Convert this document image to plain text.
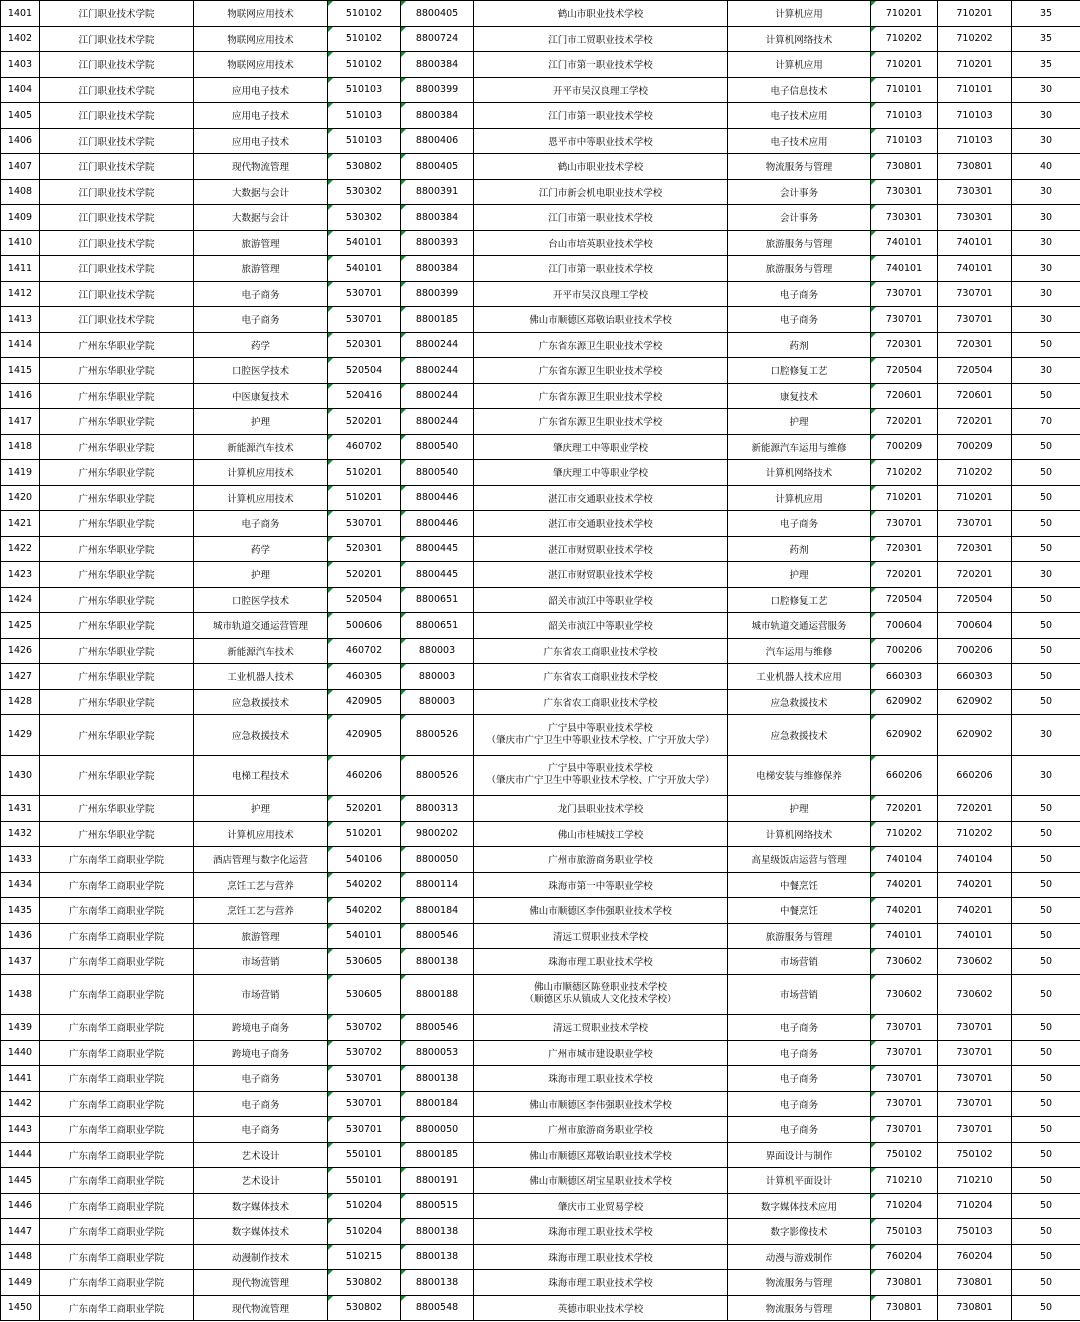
1401	江门职业技术学院	物联网应用技术	510102	8800405	鹤山市职业技术学校	计算机应用	710201	710201	35
1402	江门职业技术学院	物联网应用技术	510102	8800724	江门市工贸职业技术学校	计算机网络技术	710202	710202	35
1403	江门职业技术学院	物联网应用技术	510102	8800384	江门市第一职业技术学校	计算机应用	710201	710201	35
1404	江门职业技术学院	应用电子技术	510103	8800399	开平市吴汉良理工学校	电子信息技术	710101	710101	30
1405	江门职业技术学院	应用电子技术	510103	8800384	江门市第一职业技术学校	电子技术应用	710103	710103	30
1406	江门职业技术学院	应用电子技术	510103	8800406	恩平市中等职业技术学校	电子技术应用	710103	710103	30
1407	江门职业技术学院	现代物流管理	530802	8800405	鹤山市职业技术学校	物流服务与管理	730801	730801	40
1408	江门职业技术学院	大数据与会计	530302	8800391	江门市新会机电职业技术学校	会计事务	730301	730301	30
1409	江门职业技术学院	大数据与会计	530302	8800384	江门市第一职业技术学校	会计事务	730301	730301	30
1410	江门职业技术学院	旅游管理	540101	8800393	台山市培英职业技术学校	旅游服务与管理	740101	740101	30
1411	江门职业技术学院	旅游管理	540101	8800384	江门市第一职业技术学校	旅游服务与管理	740101	740101	30
1412	江门职业技术学院	电子商务	530701	8800399	开平市吴汉良理工学校	电子商务	730701	730701	30
1413	江门职业技术学院	电子商务	530701	8800185	佛山市顺德区郑敬诒职业技术学校	电子商务	730701	730701	30
1414	广州东华职业学院	药学	520301	8800244	广东省东源卫生职业技术学校	药剂	720301	720301	50
1415	广州东华职业学院	口腔医学技术	520504	8800244	广东省东源卫生职业技术学校	口腔修复工艺	720504	720504	30
1416	广州东华职业学院	中医康复技术	520416	8800244	广东省东源卫生职业技术学校	康复技术	720601	720601	50
1417	广州东华职业学院	护理	520201	8800244	广东省东源卫生职业技术学校	护理	720201	720201	70
1418	广州东华职业学院	新能源汽车技术	460702	8800540	肇庆理工中等职业学校	新能源汽车运用与维修	700209	700209	50
1419	广州东华职业学院	计算机应用技术	510201	8800540	肇庆理工中等职业学校	计算机网络技术	710202	710202	50
1420	广州东华职业学院	计算机应用技术	510201	8800446	湛江市交通职业技术学校	计算机应用	710201	710201	50
1421	广州东华职业学院	电子商务	530701	8800446	湛江市交通职业技术学校	电子商务	730701	730701	50
1422	广州东华职业学院	药学	520301	8800445	湛江市财贸职业技术学校	药剂	720301	720301	50
1423	广州东华职业学院	护理	520201	8800445	湛江市财贸职业技术学校	护理	720201	720201	30
1424	广州东华职业学院	口腔医学技术	520504	8800651	韶关市浈江中等职业学校	口腔修复工艺	720504	720504	50
1425	广州东华职业学院	城市轨道交通运营管理	500606	8800651	韶关市浈江中等职业学校	城市轨道交通运营服务	700604	700604	50
1426	广州东华职业学院	新能源汽车技术	460702	880003	广东省农工商职业技术学校	汽车运用与维修	700206	700206	50
1427	广州东华职业学院	工业机器人技术	460305	880003	广东省农工商职业技术学校	工业机器人技术应用	660303	660303	50
1428	广州东华职业学院	应急救援技术	420905	880003	广东省农工商职业技术学校	应急救援技术	620902	620902	50
1429	广州东华职业学院	应急救援技术	420905	8800526	广宁县中等职业技术学校
（肇庆市广宁卫生中等职业技术学校、广宁开放大学）	应急救援技术	620902	620902	30
1430	广州东华职业学院	电梯工程技术	460206	8800526	广宁县中等职业技术学校
（肇庆市广宁卫生中等职业技术学校、广宁开放大学）	电梯安装与维修保养	660206	660206	30
1431	广州东华职业学院	护理	520201	8800313	龙门县职业技术学校	护理	720201	720201	50
1432	广州东华职业学院	计算机应用技术	510201	9800202	佛山市桂城技工学校	计算机网络技术	710202	710202	50
1433	广东南华工商职业学院	酒店管理与数字化运营	540106	8800050	广州市旅游商务职业学校	高星级饭店运营与管理	740104	740104	50
1434	广东南华工商职业学院	烹饪工艺与营养	540202	8800114	珠海市第一中等职业学校	中餐烹饪	740201	740201	50
1435	广东南华工商职业学院	烹饪工艺与营养	540202	8800184	佛山市顺德区李伟强职业技术学校	中餐烹饪	740201	740201	50
1436	广东南华工商职业学院	旅游管理	540101	8800546	清远工贸职业技术学校	旅游服务与管理	740101	740101	50
1437	广东南华工商职业学院	市场营销	530605	8800138	珠海市理工职业技术学校	市场营销	730602	730602	50
1438	广东南华工商职业学院	市场营销	530605	8800188	佛山市顺德区陈登职业技术学校
（顺德区乐从镇成人文化技术学校）	市场营销	730602	730602	50
1439	广东南华工商职业学院	跨境电子商务	530702	8800546	清远工贸职业技术学校	电子商务	730701	730701	50
1440	广东南华工商职业学院	跨境电子商务	530702	8800053	广州市城市建设职业学校	电子商务	730701	730701	50
1441	广东南华工商职业学院	电子商务	530701	8800138	珠海市理工职业技术学校	电子商务	730701	730701	50
1442	广东南华工商职业学院	电子商务	530701	8800184	佛山市顺德区李伟强职业技术学校	电子商务	730701	730701	50
1443	广东南华工商职业学院	电子商务	530701	8800050	广州市旅游商务职业学校	电子商务	730701	730701	50
1444	广东南华工商职业学院	艺术设计	550101	8800185	佛山市顺德区郑敬诒职业技术学校	界面设计与制作	750102	750102	50
1445	广东南华工商职业学院	艺术设计	550101	8800191	佛山市顺德区胡宝星职业技术学校	计算机平面设计	710210	710210	50
1446	广东南华工商职业学院	数字媒体技术	510204	8800515	肇庆市工业贸易学校	数字媒体技术应用	710204	710204	50
1447	广东南华工商职业学院	数字媒体技术	510204	8800138	珠海市理工职业技术学校	数字影像技术	750103	750103	50
1448	广东南华工商职业学院	动漫制作技术	510215	8800138	珠海市理工职业技术学校	动漫与游戏制作	760204	760204	50
1449	广东南华工商职业学院	现代物流管理	530802	8800138	珠海市理工职业技术学校	物流服务与管理	730801	730801	50
1450	广东南华工商职业学院	现代物流管理	530802	8800548	英德市职业技术学校	物流服务与管理	730801	730801	50
